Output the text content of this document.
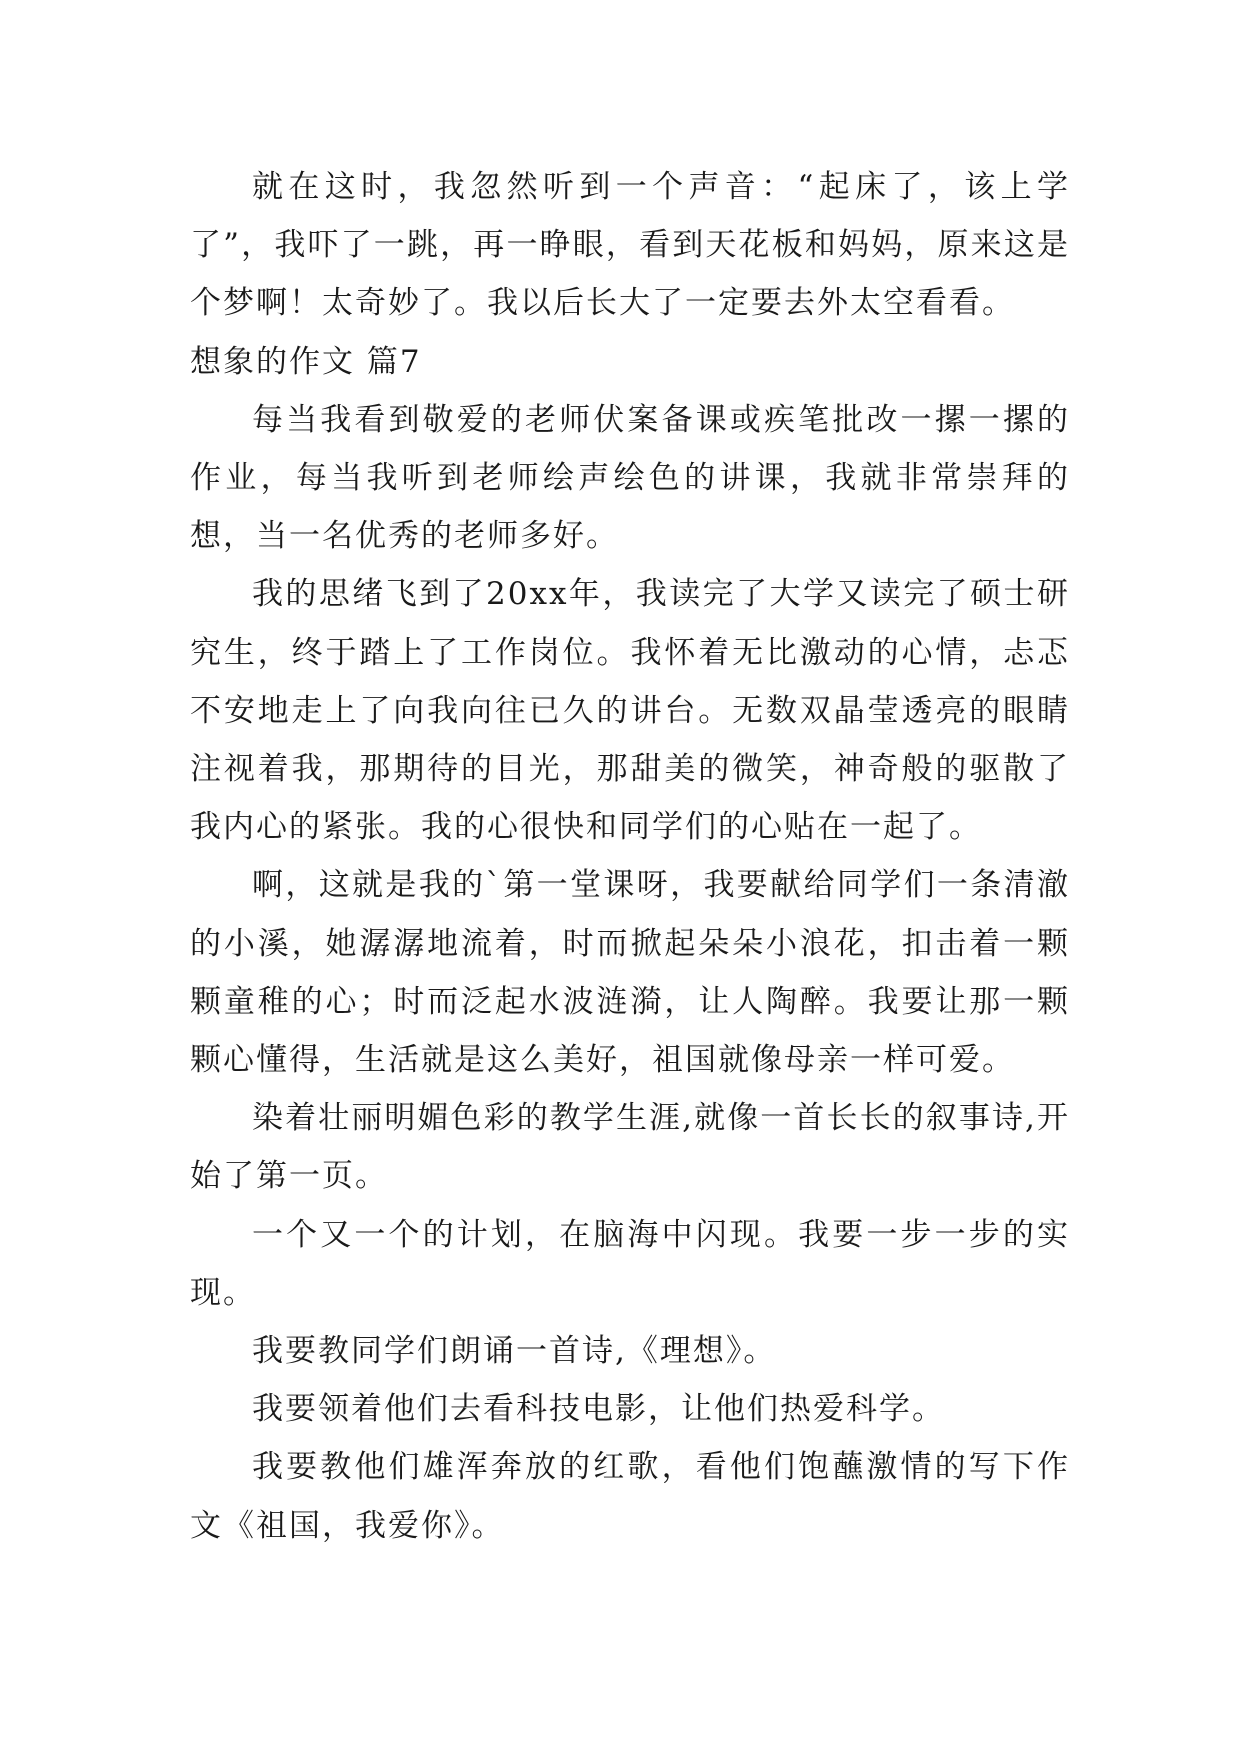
就在这时，我忽然听到一个声音：“起床了，该上学了”，我吓了一跳，再一睁眼，看到天花板和妈妈，原来这是个梦啊！太奇妙了。我以后长大了一定要去外太空看看。

想象的作文 篇7

每当我看到敬爱的老师伏案备课或疾笔批改一摞一摞的作业，每当我听到老师绘声绘色的讲课，我就非常崇拜的想，当一名优秀的老师多好。

我的思绪飞到了20xx年，我读完了大学又读完了硕士研究生，终于踏上了工作岗位。我怀着无比激动的心情，忐忑不安地走上了向我向往已久的讲台。无数双晶莹透亮的眼睛注视着我，那期待的目光，那甜美的微笑，神奇般的驱散了我内心的紧张。我的心很快和同学们的心贴在一起了。

啊，这就是我的`第一堂课呀，我要献给同学们一条清澈的小溪，她潺潺地流着，时而掀起朵朵小浪花，扣击着一颗颗童稚的心；时而泛起水波涟漪，让人陶醉。我要让那一颗颗心懂得，生活就是这么美好，祖国就像母亲一样可爱。

染着壮丽明媚色彩的教学生涯,就像一首长长的叙事诗,开始了第一页。

一个又一个的计划，在脑海中闪现。我要一步一步的实现。

我要教同学们朗诵一首诗,《理想》。

我要领着他们去看科技电影，让他们热爱科学。

我要教他们雄浑奔放的红歌，看他们饱蘸激情的写下作文《祖国，我爱你》。
